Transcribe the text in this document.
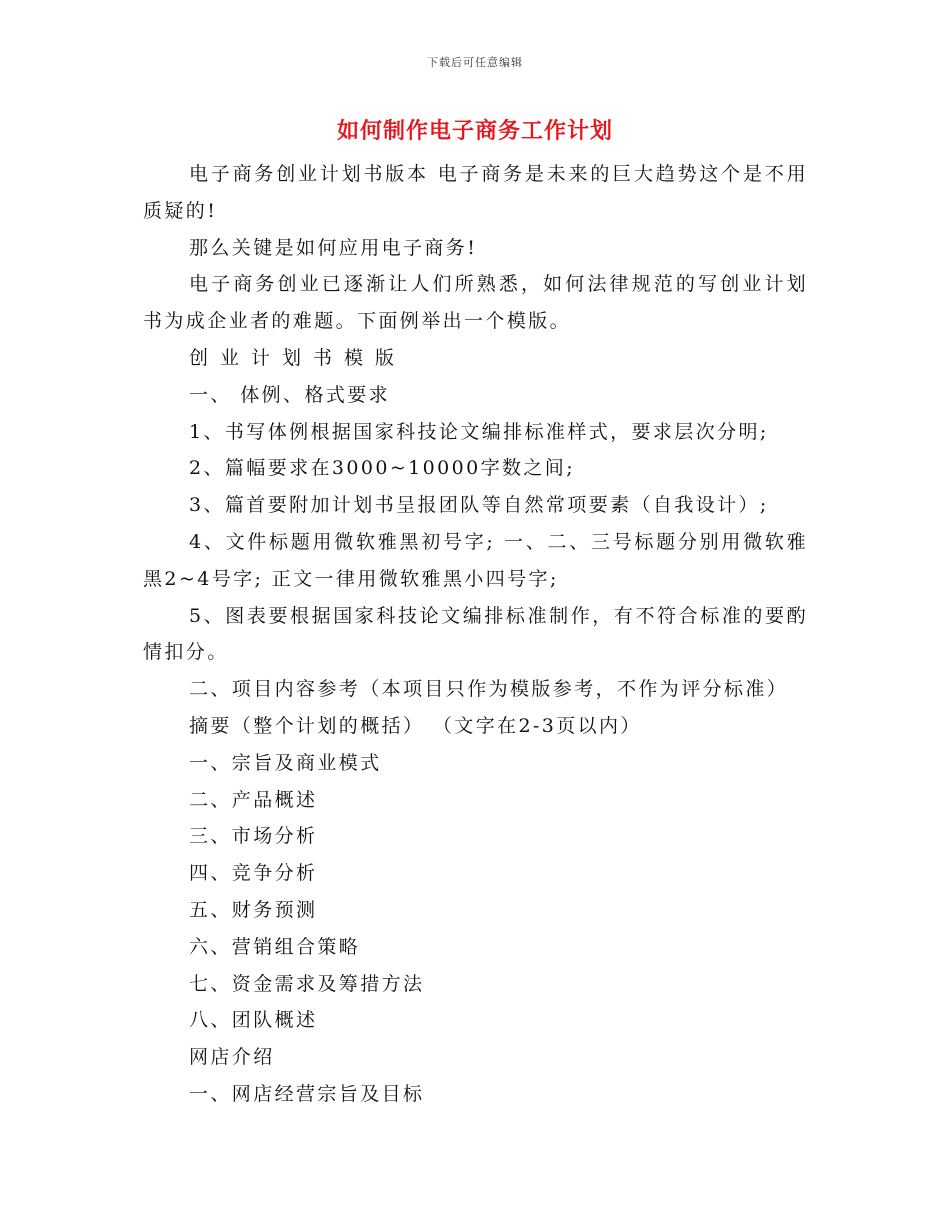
下载后可任意编辑
如何制作电子商务工作计划

电子商务创业计划书版本 电子商务是未来的巨大趋势这个是不用质疑的!

那么关键是如何应用电子商务!

电子商务创业已逐渐让人们所熟悉，如何法律规范的写创业计划书为成企业者的难题。下面例举出一个模版。

创业计划书模版

一、 体例、格式要求

1、书写体例根据国家科技论文编排标准样式，要求层次分明;

2、篇幅要求在3000~10000字数之间;

3、篇首要附加计划书呈报团队等自然常项要素（自我设计）;

4、文件标题用微软雅黑初号字; 一、二、三号标题分别用微软雅黑2~4号字; 正文一律用微软雅黑小四号字;

5、图表要根据国家科技论文编排标准制作，有不符合标准的要酌情扣分。

二、项目内容参考（本项目只作为模版参考，不作为评分标准）

摘要（整个计划的概括） （文字在2-3页以内）

一、宗旨及商业模式

二、产品概述

三、市场分析

四、竞争分析

五、财务预测

六、营销组合策略

七、资金需求及筹措方法

八、团队概述

网店介绍

一、网店经营宗旨及目标
